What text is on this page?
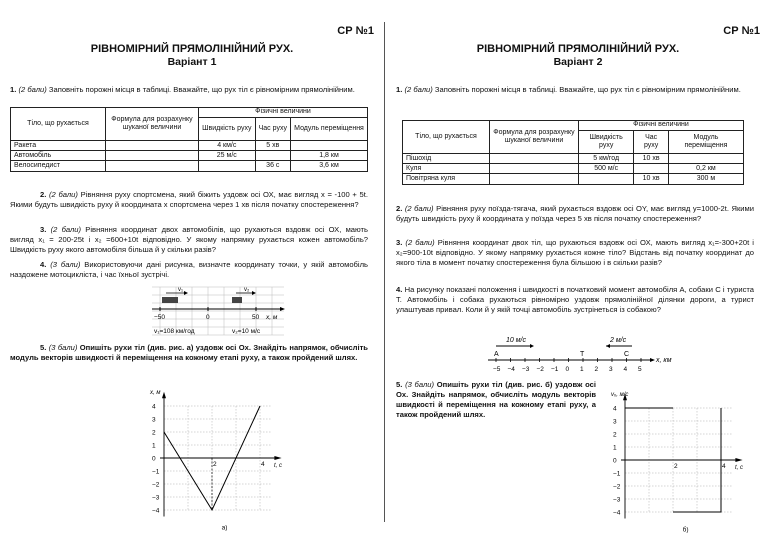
СР №1
РІВНОМІРНИЙ ПРЯМОЛІНІЙНИЙ РУХ.
Варіант 1
1. (2 бали) Заповніть порожні місця в таблиці. Вважайте, що рух тіл є рівномірним прямолінійним.
Тіло, що рухається	Формула для розрахунку шуканої величини	Фізичні величини		
		Швидкість руху	Час руху	Модуль переміщення
Ракета		4 км/с	5 хв	
Автомобіль		25 м/с		1,8 км
Велосипедист			36 с	3,6 км
2. (2 бали) Рівняння руху спортсмена, який біжить уздовж осі ОХ, має вигляд x = -100 + 5t. Якими будуть швидкість руху й координата x спортсмена через 1 хв після початку спостереження?
3. (2 бали) Рівняння координат двох автомобілів, що рухаються вздовж осі ОХ, мають вигляд x₁ = 200-25t і x₂ =600+10t відповідно. У якому напрямку рухається кожен автомобіль? Швидкість руху якого автомобіля більша й у скільки разів?
4. (3 бали) Використовуючи дані рисунка, визначте координату точки, у якій автомобіль наздожене мотоцикліста, і час їхньої зустрічі.
v₁	v₂
−50	0	50 x, м
v₁=108 км/год	v₂=10 м/с
5. (3 бали) Опишіть рухи тіл (див. рис. а) уздовж осі Ох. Знайдіть напрямок, обчисліть модуль векторів швидкості й переміщення на кожному етапі руху, а також пройдений шлях.
4
3
2
1
0
−1
−2
−3
−4
2	4
x, м
t, с
а)
СР №1
РІВНОМІРНИЙ ПРЯМОЛІНІЙНИЙ РУХ.
Варіант 2
1. (2 бали) Заповніть порожні місця в таблиці. Вважайте, що рух тіл є рівномірним прямолінійним.
Тіло, що рухається	Формула для розрахунку шуканої величини	Фізичні величини		
		Швидкість руху	Час руху	Модуль переміщення
Пішохід		5 км/год	10 хв	
Куля		500 м/с		0,2 км
Повітряна куля			10 хв	300 м
2. (2 бали) Рівняння руху поїзда-тягача, який рухається вздовж осі OY, має вигляд y=1000-2t. Якими будуть швидкість руху й координата y поїзда через 5 хв після початку спостереження?
3. (2 бали) Рівняння координат двох тіл, що рухаються вздовж осі ОХ, мають вигляд x₁=-300+20t і x₂=900-10t відповідно. У якому напрямку рухається кожне тіло? Відстань від початку координат до якого тіла в момент початку спостереження була більшою і в скільки разів?
4. На рисунку показані положення і швидкості в початковий момент автомобіля А, собаки С і туриста Т. Автомобіль і собака рухаються рівномірно уздовж прямолінійної ділянки дороги, а турист улаштував привал. Коли й у якій точці автомобіль зустрінеться із собакою?
10 м/с	2 м/с
A	T	C
x, км
−5 −4 −3 −2 −1 0 1 2 3 4 5
5. (3 бали) Опишіть рухи тіл (див. рис. б) уздовж осі Ох. Знайдіть напрямок, обчисліть модуль векторів швидкості й переміщення на кожному етапі руху, а також пройдений шлях.
4
3
2
1
0
−1
−2
−3
−4
2	4
vₓ, м/с
t, с
б)
